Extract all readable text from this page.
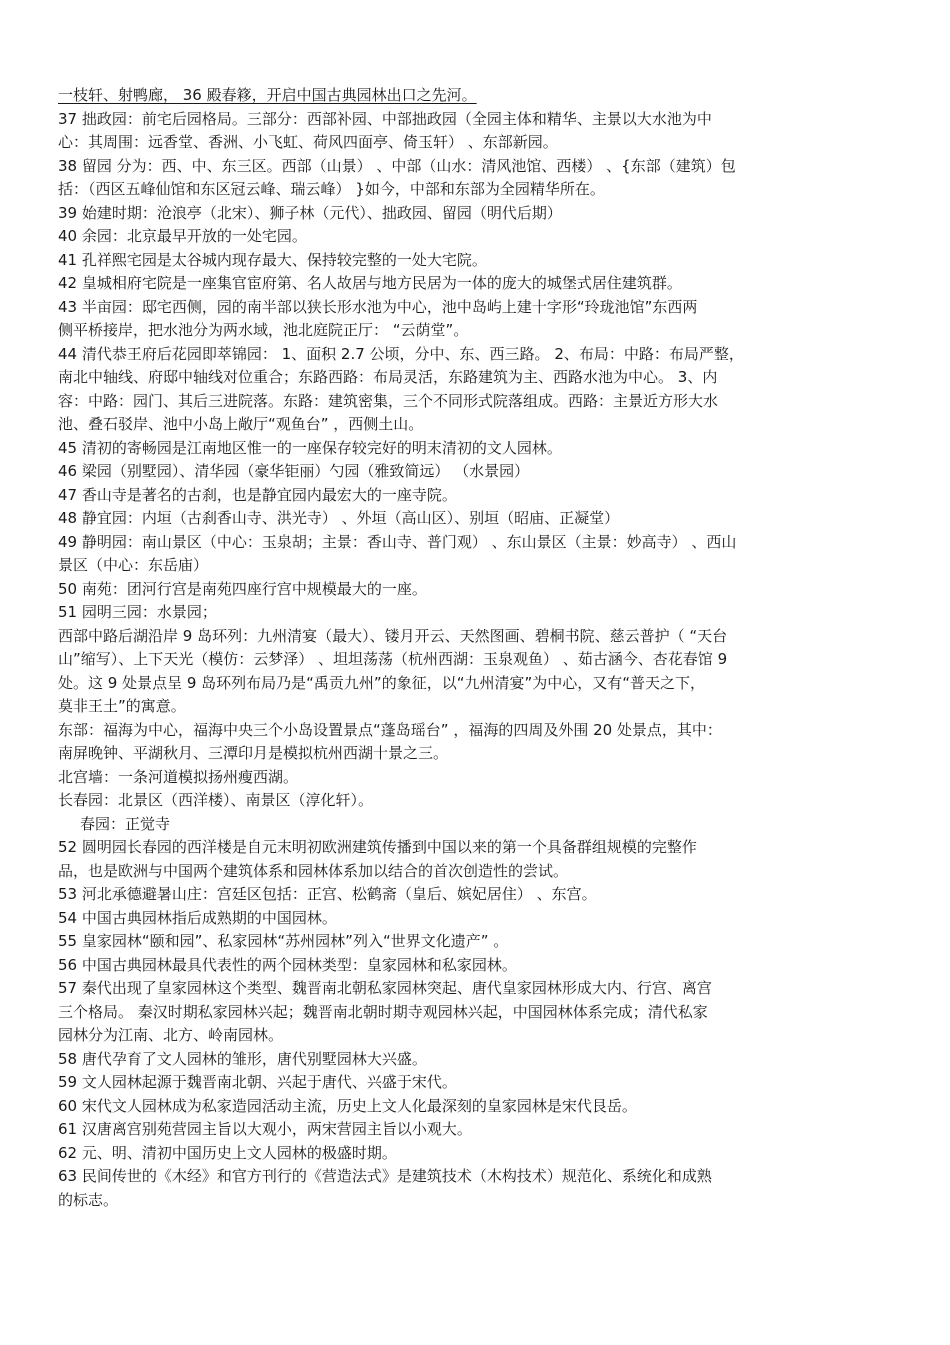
一枝轩、射鸭廊， 36 殿春簃，开启中国古典园林出口之先河。
37 拙政园：前宅后园格局。三部分：西部补园、中部拙政园（全园主体和精华、主景以大水池为中
心：其周围：远香堂、香洲、小飞虹、荷风四面亭、倚玉轩） 、东部新园。
38 留园 分为：西、中、东三区。西部（山景） 、中部（山水：清风池馆、西楼） 、{东部（建筑）包
括：（西区五峰仙馆和东区冠云峰、瑞云峰） }如今，中部和东部为全园精华所在。
39 始建时期：沧浪亭（北宋）、狮子林（元代）、拙政园、留园（明代后期）
40 余园：北京最早开放的一处宅园。
41 孔祥熙宅园是太谷城内现存最大、保持较完整的一处大宅院。
42 皇城相府宅院是一座集官宦府第、名人故居与地方民居为一体的庞大的城堡式居住建筑群。
43 半亩园：邸宅西侧，园的南半部以狭长形水池为中心，池中岛屿上建十字形“玲珑池馆”东西两
侧平桥接岸，把水池分为两水域，池北庭院正厅： “云荫堂”。
44 清代恭王府后花园即萃锦园： 1、面积 2.7 公顷，分中、东、西三路。 2、布局：中路：布局严整，
南北中轴线、府邸中轴线对位重合；东路西路：布局灵活，东路建筑为主、西路水池为中心。 3、内
容：中路：园门、其后三进院落。东路：建筑密集，三个不同形式院落组成。西路：主景近方形大水
池、叠石驳岸、池中小岛上敞厅“观鱼台” ，西侧土山。
45 清初的寄畅园是江南地区惟一的一座保存较完好的明末清初的文人园林。
46 梁园（别墅园）、清华园（豪华钜丽）勺园（雅致简远） （水景园）
47 香山寺是著名的古刹，也是静宜园内最宏大的一座寺院。
48 静宜园：内垣（古刹香山寺、洪光寺） 、外垣（高山区）、别垣（昭庙、正凝堂）
49 静明园：南山景区（中心：玉泉胡；主景：香山寺、普门观） 、东山景区（主景：妙高寺） 、西山
景区（中心：东岳庙）
50 南苑：团河行宫是南苑四座行宫中规模最大的一座。
51 园明三园：水景园；
西部中路后湖沿岸 9 岛环列：九州清宴（最大）、镂月开云、天然图画、碧桐书院、慈云普护（ “天台
山”缩写）、上下天光（模仿：云梦泽） 、坦坦荡荡（杭州西湖：玉泉观鱼） 、茹古涵今、杏花春馆 9
处。这 9 处景点呈 9 岛环列布局乃是“禹贡九州”的象征，以“九州清宴”为中心，又有“普天之下，
莫非王土”的寓意。
东部：福海为中心，福海中央三个小岛设置景点“蓬岛瑶台” ，福海的四周及外围 20 处景点，其中：
南屏晚钟、平湖秋月、三潭印月是模拟杭州西湖十景之三。
北宫墙：一条河道模拟扬州瘦西湖。
长春园：北景区（西洋楼）、南景区（淳化轩）。
春园：正觉寺
52 圆明园长春园的西洋楼是自元末明初欧洲建筑传播到中国以来的第一个具备群组规模的完整作
品，也是欧洲与中国两个建筑体系和园林体系加以结合的首次创造性的尝试。
53 河北承德避暑山庄：宫廷区包括：正宫、松鹤斋（皇后、嫔妃居住） 、东宫。
54 中国古典园林指后成熟期的中国园林。
55 皇家园林“颐和园”、私家园林“苏州园林”列入“世界文化遗产” 。
56 中国古典园林最具代表性的两个园林类型：皇家园林和私家园林。
57 秦代出现了皇家园林这个类型、魏晋南北朝私家园林突起、唐代皇家园林形成大内、行宫、离宫
三个格局。 秦汉时期私家园林兴起；魏晋南北朝时期寺观园林兴起，中国园林体系完成；清代私家
园林分为江南、北方、岭南园林。
58 唐代孕育了文人园林的雏形，唐代别墅园林大兴盛。
59 文人园林起源于魏晋南北朝、兴起于唐代、兴盛于宋代。
60 宋代文人园林成为私家造园活动主流，历史上文人化最深刻的皇家园林是宋代艮岳。
61 汉唐离宫别苑营园主旨以大观小，两宋营园主旨以小观大。
62 元、明、清初中国历史上文人园林的极盛时期。
63 民间传世的《木经》和官方刊行的《营造法式》是建筑技术（木构技术）规范化、系统化和成熟
的标志。
